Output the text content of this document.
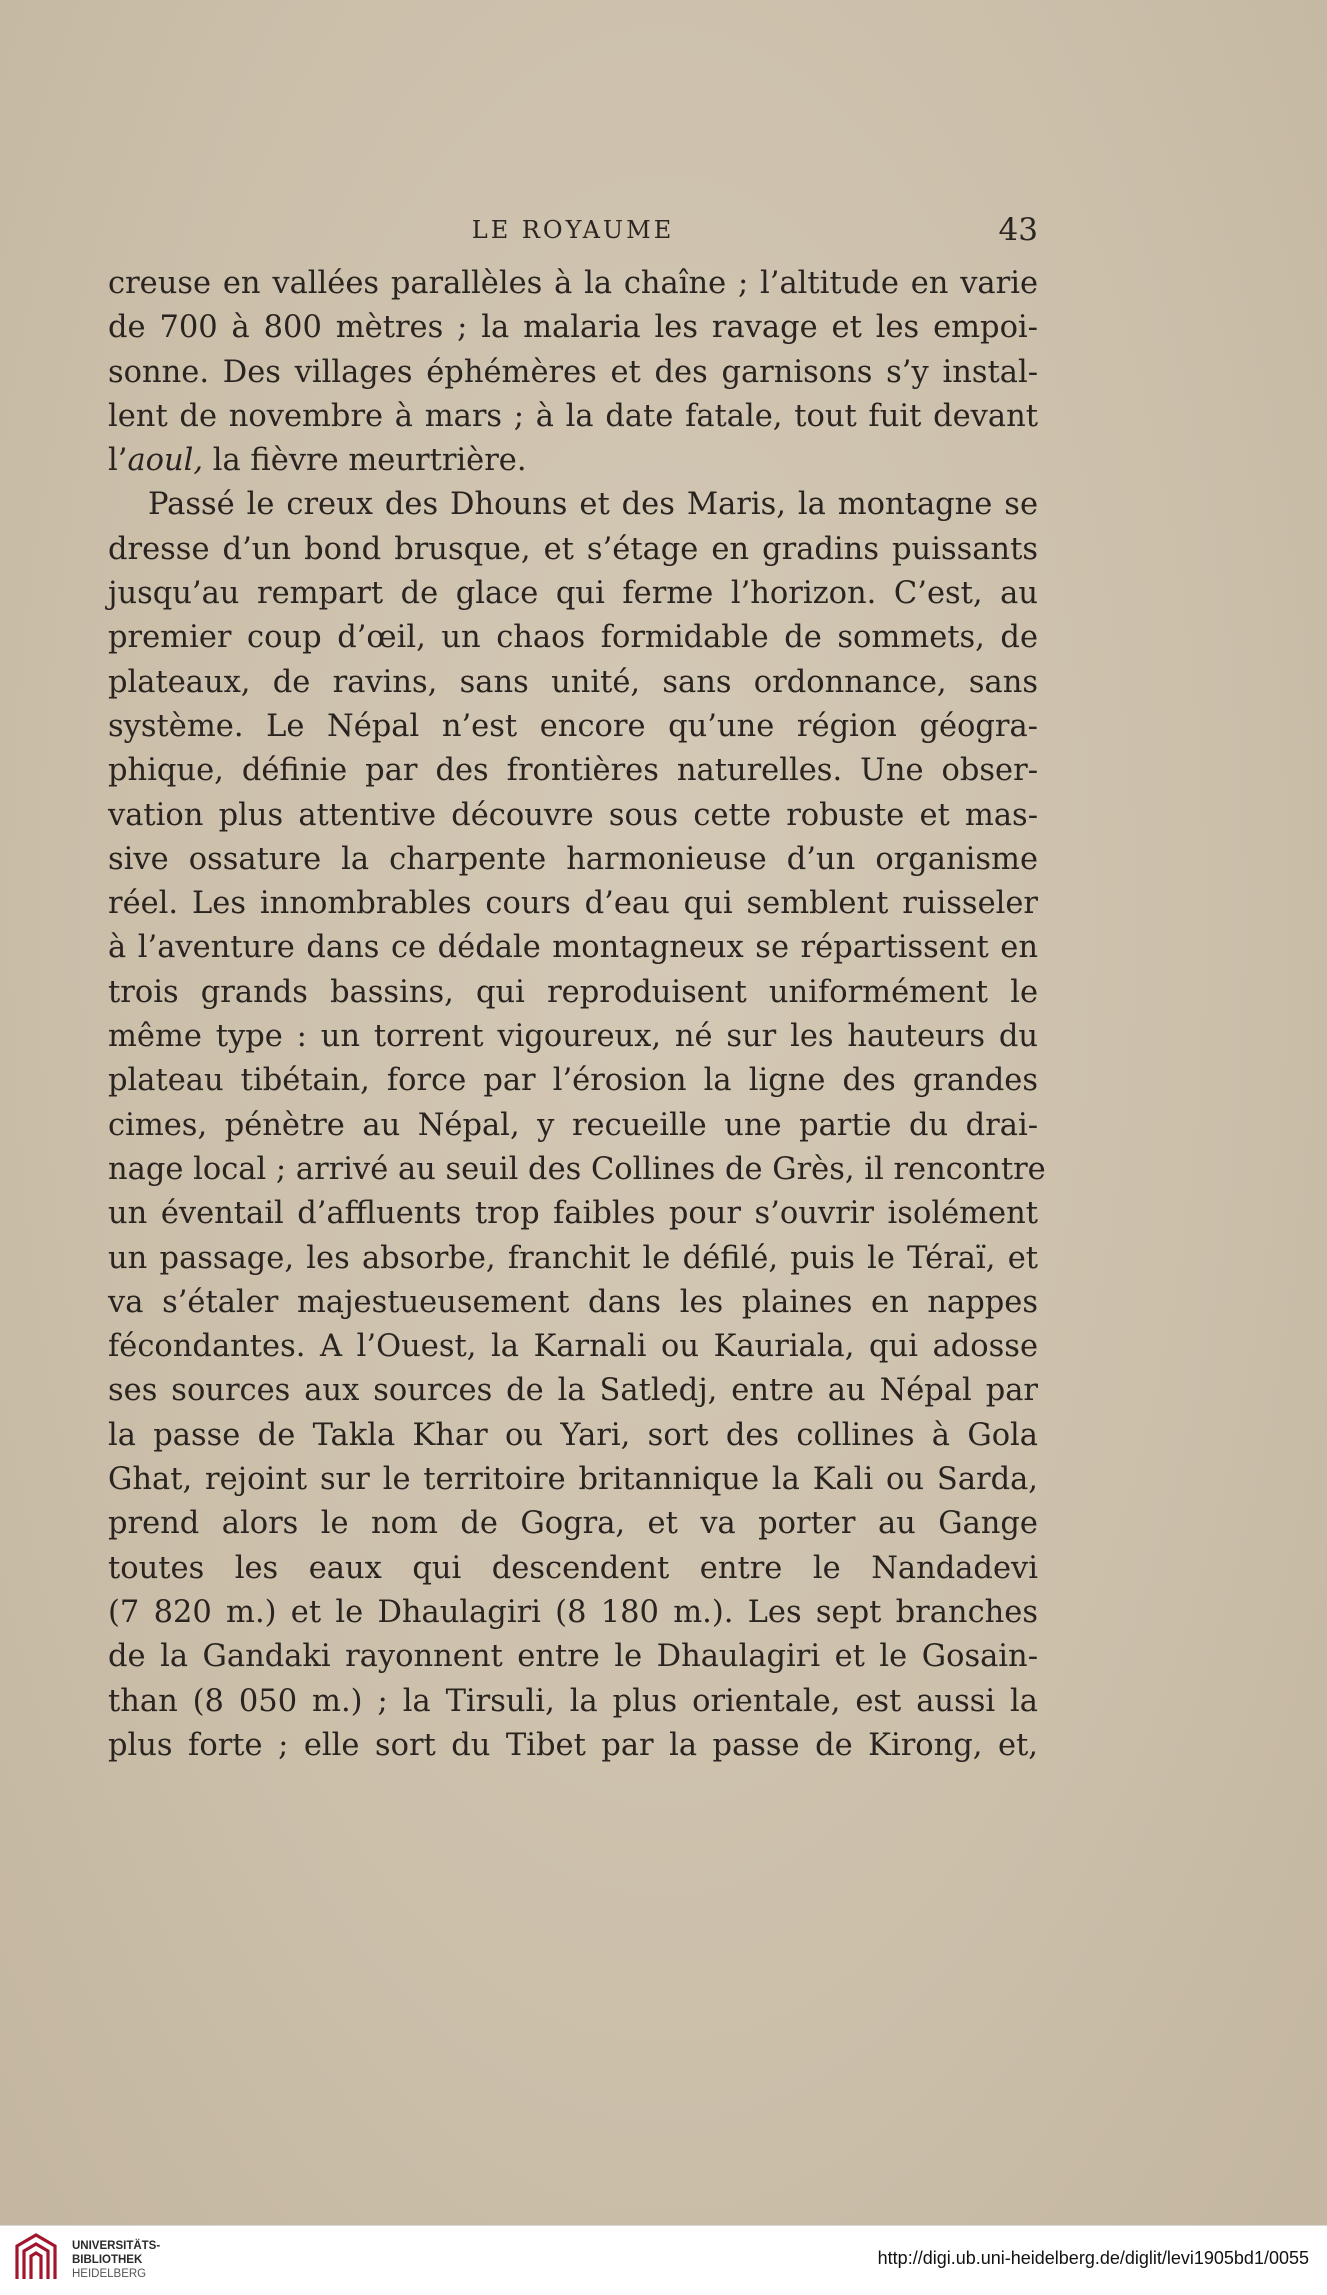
LE ROYAUME	43
creuse en vallées parallèles à la chaîne ; l’altitude en varie
de 700 à 800 mètres ; la malaria les ravage et les empoi-
sonne. Des villages éphémères et des garnisons s’y instal-
lent de novembre à mars ; à la date fatale, tout fuit devant
l’aoul, la fièvre meurtrière.
Passé le creux des Dhouns et des Maris, la montagne se
dresse d’un bond brusque, et s’étage en gradins puissants
jusqu’au rempart de glace qui ferme l’horizon. C’est, au
premier coup d’œil, un chaos formidable de sommets, de
plateaux, de ravins, sans unité, sans ordonnance, sans
système. Le Népal n’est encore qu’une région géogra-
phique, définie par des frontières naturelles. Une obser-
vation plus attentive découvre sous cette robuste et mas-
sive ossature la charpente harmonieuse d’un organisme
réel. Les innombrables cours d’eau qui semblent ruisseler
à l’aventure dans ce dédale montagneux se répartissent en
trois grands bassins, qui reproduisent uniformément le
même type : un torrent vigoureux, né sur les hauteurs du
plateau tibétain, force par l’érosion la ligne des grandes
cimes, pénètre au Népal, y recueille une partie du drai-
nage local ; arrivé au seuil des Collines de Grès, il rencontre
un éventail d’affluents trop faibles pour s’ouvrir isolément
un passage, les absorbe, franchit le défilé, puis le Téraï, et
va s’étaler majestueusement dans les plaines en nappes
fécondantes. A l’Ouest, la Karnali ou Kauriala, qui adosse
ses sources aux sources de la Satledj, entre au Népal par
la passe de Takla Khar ou Yari, sort des collines à Gola
Ghat, rejoint sur le territoire britannique la Kali ou Sarda,
prend alors le nom de Gogra, et va porter au Gange
toutes les eaux qui descendent entre le Nandadevi
(7 820 m.) et le Dhaulagiri (8 180 m.). Les sept branches
de la Gandaki rayonnent entre le Dhaulagiri et le Gosain-
than (8 050 m.) ; la Tirsuli, la plus orientale, est aussi la
plus forte ; elle sort du Tibet par la passe de Kirong, et,
UNIVERSITÄTS-
BIBLIOTHEK
HEIDELBERG
http://digi.ub.uni-heidelberg.de/diglit/levi1905bd1/0055
